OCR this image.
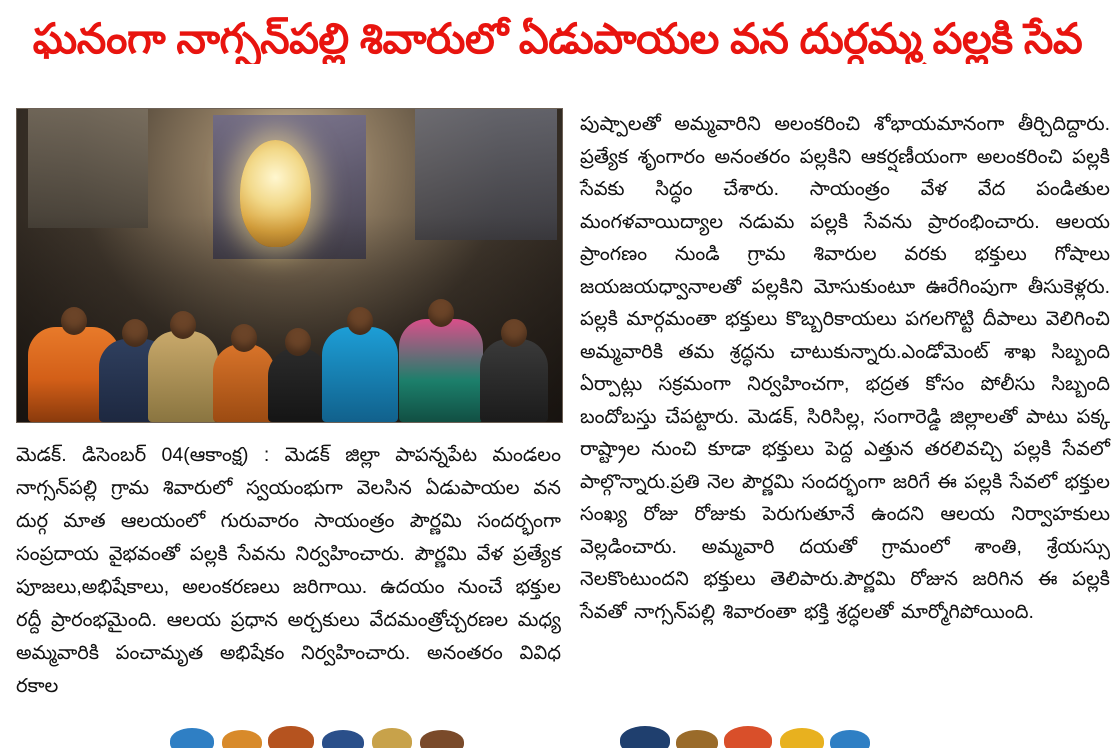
ఘనంగా నాగ్సన్‌పల్లి శివారులో ఏడుపాయల వన దుర్గమ్మ పల్లకి సేవ
మెడక్. డిసెంబర్ 04(ఆకాంక్ష) : మెడక్ జిల్లా పాపన్నపేట మండలం నాగ్సన్‌పల్లి గ్రామ శివారులో స్వయంభుగా వెలసిన ఏడుపాయల వన దుర్గ మాత ఆలయంలో గురువారం సాయంత్రం పౌర్ణమి సందర్భంగా సంప్రదాయ వైభవంతో పల్లకి సేవను నిర్వహించారు. పౌర్ణమి వేళ ప్రత్యేక పూజలు,అభిషేకాలు, అలంకరణలు జరిగాయి. ఉదయం నుంచే భక్తుల రద్దీ ప్రారంభమైంది. ఆలయ ప్రధాన అర్చకులు వేదమంత్రోచ్చరణల మధ్య అమ్మవారికి పంచామృత అభిషేకం నిర్వహించారు. అనంతరం వివిధ రకాల
పుష్పాలతో అమ్మవారిని అలంకరించి శోభాయమానంగా తీర్చిదిద్దారు. ప్రత్యేక శృంగారం అనంతరం పల్లకిని ఆకర్షణీయంగా అలంకరించి పల్లకి సేవకు సిద్ధం చేశారు. సాయంత్రం వేళ వేద పండితుల మంగళవాయిద్యాల నడుమ పల్లకి సేవను ప్రారంభించారు. ఆలయ ప్రాంగణం నుండి గ్రామ శివారుల వరకు భక్తులు గోషాలు జయజయధ్వానాలతో పల్లకిని మోసుకుంటూ ఊరేగింపుగా తీసుకెళ్లరు. పల్లకి మార్గమంతా భక్తులు కొబ్బరికాయలు పగలగొట్టి దీపాలు వెలిగించి అమ్మవారికి తమ శ్రద్ధను చాటుకున్నారు.ఎండోమెంట్ శాఖ సిబ్బంది ఏర్పాట్లు సక్రమంగా నిర్వహించగా, భద్రత కోసం పోలీసు సిబ్బంది బందోబస్తు చేపట్టారు. మెడక్, సిరిసిల్ల, సంగారెడ్డి జిల్లాలతో పాటు పక్క రాష్ట్రాల నుంచి కూడా భక్తులు పెద్ద ఎత్తున తరలివచ్చి పల్లకి సేవలో పాల్గొన్నారు.ప్రతి నెల పౌర్ణమి సందర్భంగా జరిగే ఈ పల్లకి సేవలో భక్తుల సంఖ్య రోజు రోజుకు పెరుగుతూనే ఉందని ఆలయ నిర్వాహకులు వెల్లడించారు. అమ్మవారి దయతో గ్రామంలో శాంతి, శ్రేయస్సు నెలకొంటుందని భక్తులు తెలిపారు.పౌర్ణమి రోజున జరిగిన ఈ పల్లకి సేవతో నాగ్సన్‌పల్లి శివారంతా భక్తి శ్రద్ధలతో మార్మోగిపోయింది.
